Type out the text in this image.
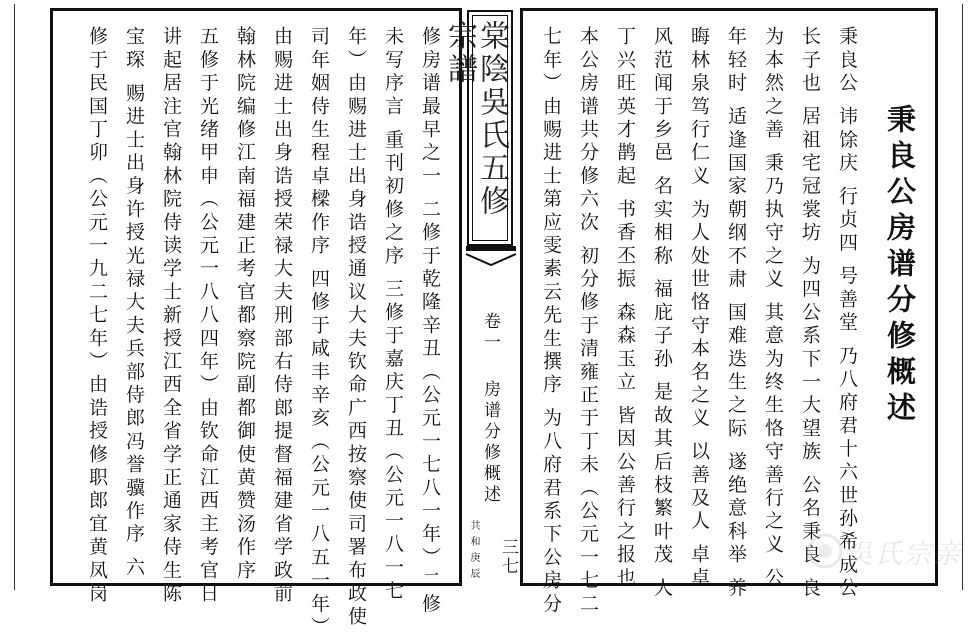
修房谱最早之一 二修于乾隆辛丑（公元一七八一年）二修
未写序言 重刊初修之序 三修于嘉庆丁丑（公元一八一七
年）由赐进士出身诰授通议大夫钦命广西按察使司署布政使
司年姻侍生程卓樑作序 四修于咸丰辛亥（公元一八五一年）
由赐进士出身诰授荣禄大夫刑部右侍郎提督福建省学政前
翰林院编修江南福建正考官都察院副都御使黄赞汤作序
五修于光绪甲申（公元一八八四年）由钦命江西主考官日
讲起居注官翰林院侍读学士新授江西全省学正通家侍生陈
宝琛 赐进士出身许授光禄大夫兵部侍郎冯誉骥作序 六
修于民国丁卯（公元一九二七年）由诰授修职郎宜黄凤岗	棠陰吳氏五修宗譜
卷一
房谱分修概述
共和庚辰 三七
秉良公房谱分修概述
秉良公 讳馀庆 行贞四 号善堂 乃八府君十六世孙希成公
长子也 居祖宅冠裳坊 为四公系下一大望族 公名秉良 良
为本然之善 秉乃执守之义 其意为终生恪守善行之义 公
年轻时 适逢国家朝纲不肃 国难迭生之际 遂绝意科举 养
晦林泉笃行仁义 为人处世恪守本名之义 以善及人 卓卓
风范闻于乡邑 名实相称 福庇子孙 是故其后枝繁叶茂 人
丁兴旺英才鹊起 书香丕振 森森玉立 皆因公善行之报也
本公房谱共分修六次 初分修于清雍正于丁未（公元一七二
七年）由赐进士第应雯素云先生撰序 为八府君系下公房分	吳氏宗亲
